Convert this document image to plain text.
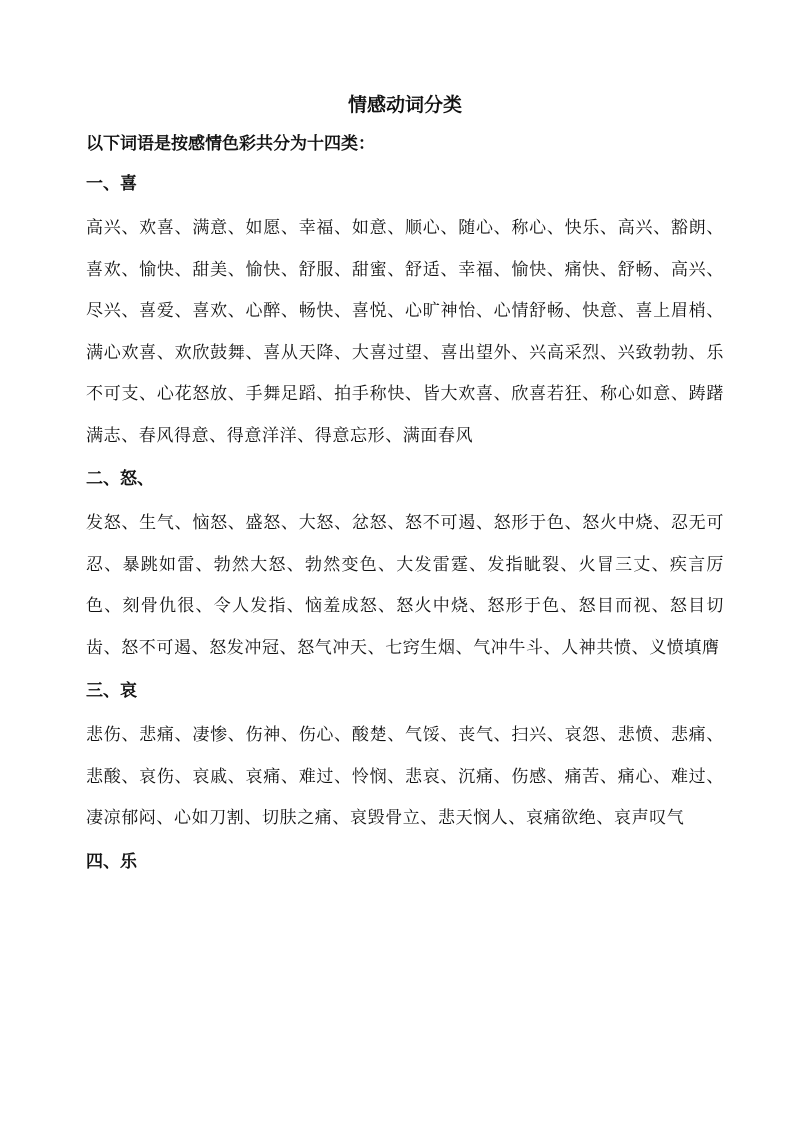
情感动词分类
以下词语是按感情色彩共分为十四类：
一、喜
高兴、欢喜、满意、如愿、幸福、如意、顺心、随心、称心、快乐、高兴、豁朗、喜欢、愉快、甜美、愉快、舒服、甜蜜、舒适、幸福、愉快、痛快、舒畅、高兴、尽兴、喜爱、喜欢、心醉、畅快、喜悦、心旷神怡、心情舒畅、快意、喜上眉梢、满心欢喜、欢欣鼓舞、喜从天降、大喜过望、喜出望外、兴高采烈、兴致勃勃、乐不可支、心花怒放、手舞足蹈、拍手称快、皆大欢喜、欣喜若狂、称心如意、踌躇满志、春风得意、得意洋洋、得意忘形、满面春风
二、怒、
发怒、生气、恼怒、盛怒、大怒、忿怒、怒不可遏、怒形于色、怒火中烧、忍无可忍、暴跳如雷、勃然大怒、勃然变色、大发雷霆、发指眦裂、火冒三丈、疾言厉色、刻骨仇很、令人发指、恼羞成怒、怒火中烧、怒形于色、怒目而视、怒目切齿、怒不可遏、怒发冲冠、怒气冲天、七窍生烟、气冲牛斗、人神共愤、义愤填膺
三、哀
悲伤、悲痛、凄惨、伤神、伤心、酸楚、气馁、丧气、扫兴、哀怨、悲愤、悲痛、悲酸、哀伤、哀戚、哀痛、难过、怜悯、悲哀、沉痛、伤感、痛苦、痛心、难过、凄凉郁闷、心如刀割、切肤之痛、哀毁骨立、悲天悯人、哀痛欲绝、哀声叹气
四、乐
